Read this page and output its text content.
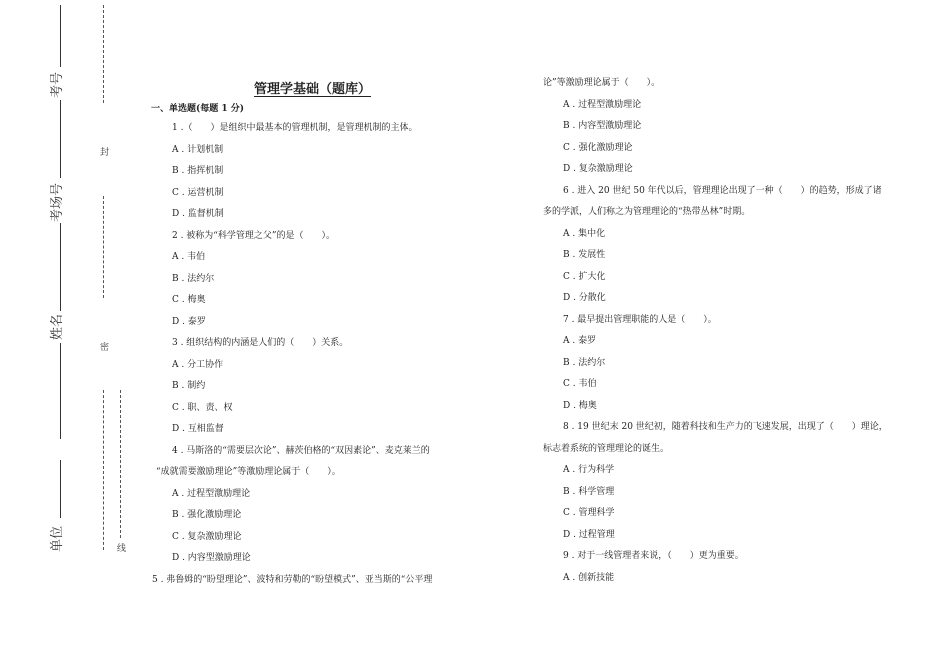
考号
考场号
姓名
单位
封
密
线
管理学基础（题库）
一、单选题(每题 1 分)
1 .（　　）是组织中最基本的管理机制，是管理机制的主体。
A . 计划机制
B . 指挥机制
C . 运营机制
D . 监督机制
2 . 被称为“科学管理之父”的是（　　）。
A . 韦伯
B . 法约尔
C . 梅奥
D . 泰罗
3 . 组织结构的内涵是人们的（　　）关系。
A . 分工协作
B . 制约
C . 职、责、权
D . 互相监督
4 . 马斯洛的“需要层次论”、赫茨伯格的“双因素论”、麦克莱兰的
“成就需要激励理论”等激励理论属于（　　）。
A . 过程型激励理论
B . 强化激励理论
C . 复杂激励理论
D . 内容型激励理论
5 . 弗鲁姆的“盼望理论”、波特和劳勒的“盼望模式”、亚当斯的“公平理
论”等激励理论属于（　　）。
A . 过程型激励理论
B . 内容型激励理论
C . 强化激励理论
D . 复杂激励理论
6 . 进入 20 世纪 50 年代以后，管理理论出现了一种（　　）的趋势，形成了诸
多的学派，人们称之为管理理论的“热带丛林”时期。
A . 集中化
B . 发展性
C . 扩大化
D . 分散化
7 . 最早提出管理职能的人是（　　）。
A . 泰罗
B . 法约尔
C . 韦伯
D . 梅奥
8 . 19 世纪末 20 世纪初，随着科技和生产力的飞速发展，出现了（　　）理论，
标志着系统的管理理论的诞生。
A . 行为科学
B . 科学管理
C . 管理科学
D . 过程管理
9 . 对于一线管理者来说，（　　）更为重要。
A . 创新技能
